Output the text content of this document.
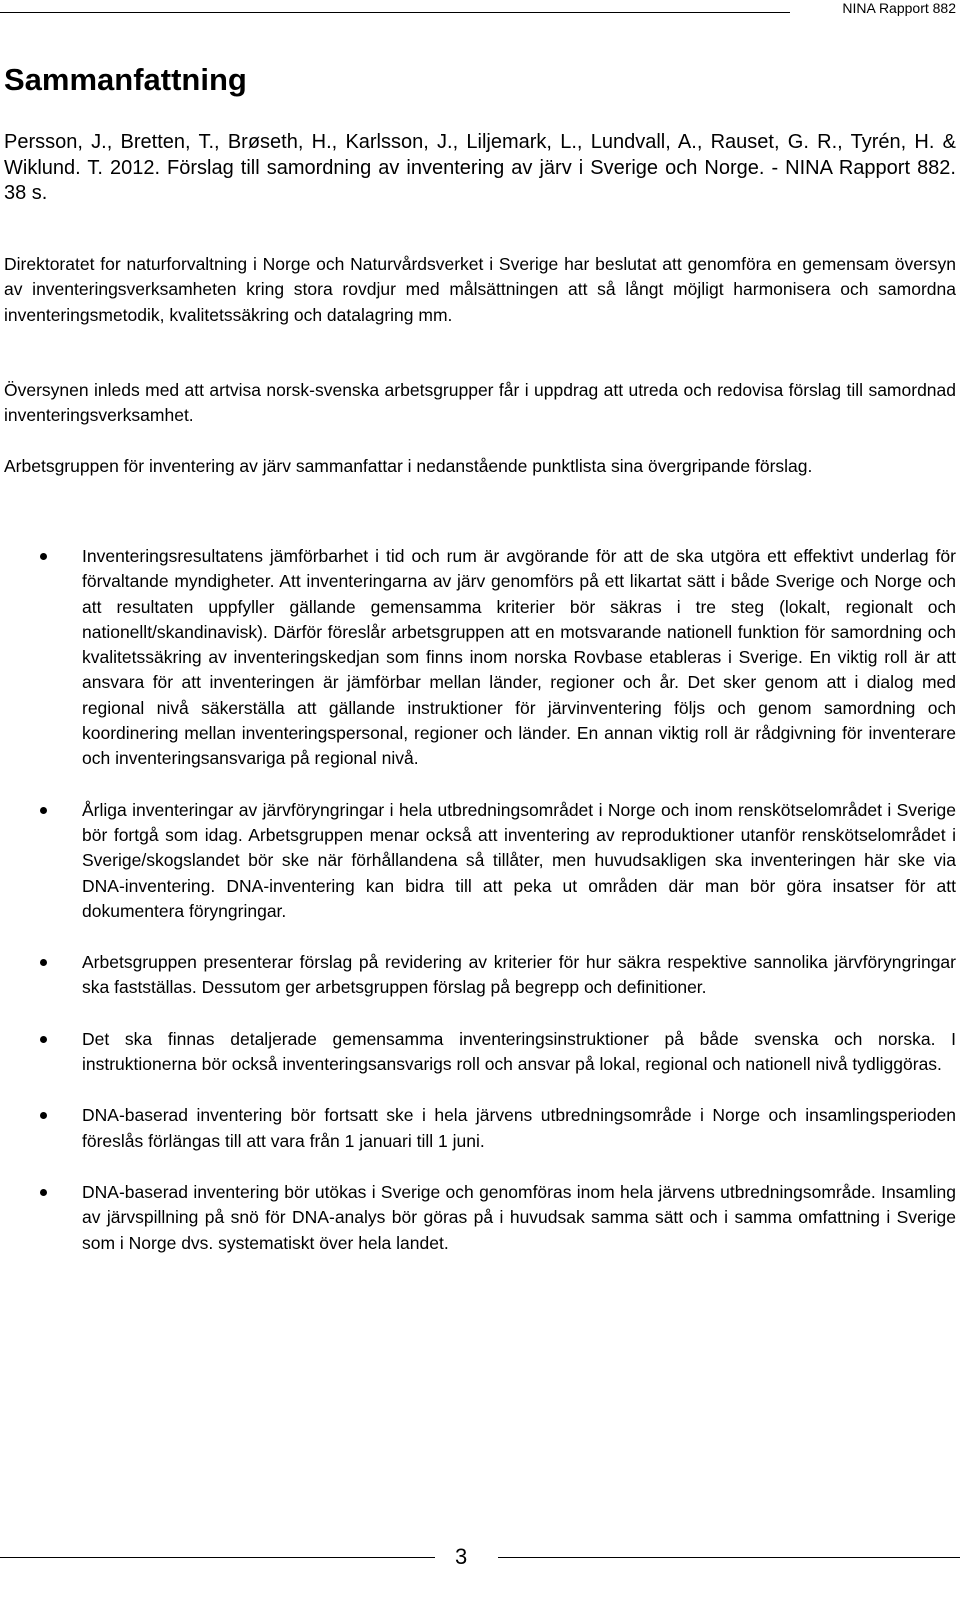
NINA Rapport 882
Sammanfattning

Persson, J., Bretten, T., Brøseth, H., Karlsson, J., Liljemark, L., Lundvall, A., Rauset, G. R., Tyrén, H. & Wiklund. T. 2012. Förslag till samordning av inventering av järv i Sverige och Norge. - NINA Rapport 882. 38 s.

Direktoratet for naturforvaltning i Norge och Naturvårdsverket i Sverige har beslutat att genomföra en gemensam översyn av inventeringsverksamheten kring stora rovdjur med målsättningen att så långt möjligt harmonisera och samordna inventeringsmetodik, kvalitetssäkring och datalagring mm.

Översynen inleds med att artvisa norsk-svenska arbetsgrupper får i uppdrag att utreda och redovisa förslag till samordnad inventeringsverksamhet.

Arbetsgruppen för inventering av järv sammanfattar i nedanstående punktlista sina övergripande förslag.

Inventeringsresultatens jämförbarhet i tid och rum är avgörande för att de ska utgöra ett effektivt underlag för förvaltande myndigheter. Att inventeringarna av järv genomförs på ett likartat sätt i både Sverige och Norge och att resultaten uppfyller gällande gemensamma kriterier bör säkras i tre steg (lokalt, regionalt och nationellt/skandinavisk). Därför föreslår arbetsgruppen att en motsvarande nationell funktion för samordning och kvalitetssäkring av inventeringskedjan som finns inom norska Rovbase etableras i Sverige. En viktig roll är att ansvara för att inventeringen är jämförbar mellan länder, regioner och år. Det sker genom att i dialog med regional nivå säkerställa att gällande instruktioner för järvinventering följs och genom samordning och koordinering mellan inventeringspersonal, regioner och länder. En annan viktig roll är rådgivning för inventerare och inventeringsansvariga på regional nivå.
Årliga inventeringar av järvföryngringar i hela utbredningsområdet i Norge och inom renskötselområdet i Sverige bör fortgå som idag. Arbetsgruppen menar också att inventering av reproduktioner utanför renskötselområdet i Sverige/skogslandet bör ske när förhållandena så tillåter, men huvudsakligen ska inventeringen här ske via DNA-inventering. DNA-inventering kan bidra till att peka ut områden där man bör göra insatser för att dokumentera föryngringar.
Arbetsgruppen presenterar förslag på revidering av kriterier för hur säkra respektive sannolika järvföryngringar ska fastställas. Dessutom ger arbetsgruppen förslag på begrepp och definitioner.
Det ska finnas detaljerade gemensamma inventeringsinstruktioner på både svenska och norska. I instruktionerna bör också inventeringsansvarigs roll och ansvar på lokal, regional och nationell nivå tydliggöras.
DNA-baserad inventering bör fortsatt ske i hela järvens utbredningsområde i Norge och insamlingsperioden föreslås förlängas till att vara från 1 januari till 1 juni.
DNA-baserad inventering bör utökas i Sverige och genomföras inom hela järvens utbredningsområde. Insamling av järvspillning på snö för DNA-analys bör göras på i huvudsak samma sätt och i samma omfattning i Sverige som i Norge dvs. systematiskt över hela landet.
3
